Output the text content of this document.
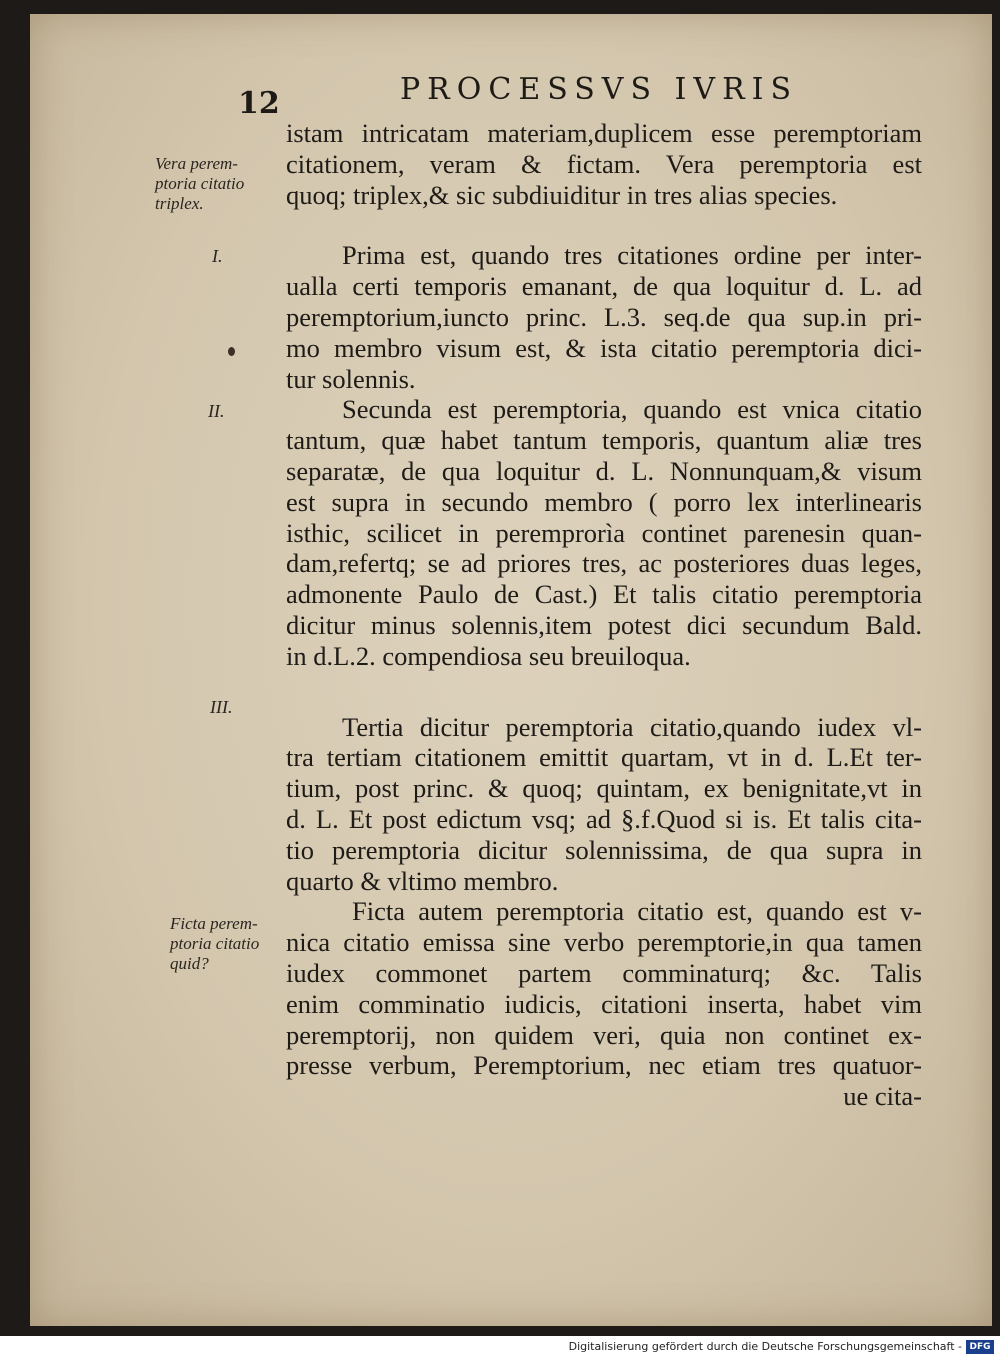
12	PROCESSVS IVRIS
Vera perem-
ptoria citatio
triplex.
I.
II.
III.
Ficta perem-
ptoria citatio
quid?
istam intricatam materiam,duplicem esse peremptoriam
citationem, veram & fictam. Vera peremptoria est
quoq; triplex,& sic subdiuiditur in tres alias species.
Prima est, quando tres citationes ordine per inter-
ualla certi temporis emanant, de qua loquitur d. L. ad
peremptorium,iuncto princ. L.3. seq.de qua sup.in pri-
mo membro visum est, & ista citatio peremptoria dici-
tur solennis.
Secunda est peremptoria, quando est vnica citatio
tantum, quæ habet tantum temporis, quantum aliæ tres
separatæ, de qua loquitur d. L. Nonnunquam,& visum
est supra in secundo membro ( porro lex interlinearis
isthic, scilicet in peremprorìa continet parenesin quan-
dam,refertq; se ad priores tres, ac posteriores duas leges,
admonente Paulo de Cast.) Et talis citatio peremptoria
dicitur minus solennis,item potest dici secundum Bald.
in d.L.2. compendiosa seu breuiloqua.
Tertia dicitur peremptoria citatio,quando iudex vl-
tra tertiam citationem emittit quartam, vt in d. L.Et ter-
tium, post princ. & quoq; quintam, ex benignitate,vt in
d. L. Et post edictum vsq; ad §.f.Quod si is. Et talis cita-
tio peremptoria dicitur solennissima, de qua supra in
quarto & vltimo membro.
Ficta autem peremptoria citatio est, quando est v-
nica citatio emissa sine verbo peremptorie,in qua tamen
iudex commonet partem comminaturq; &c. Talis
enim comminatio iudicis, citationi inserta, habet vim
peremptorij, non quidem veri, quia non continet ex-
presse verbum, Peremptorium, nec etiam tres quatuor-
ue cita-
Digitalisierung gefördert durch die Deutsche Forschungsgemeinschaft - DFG
